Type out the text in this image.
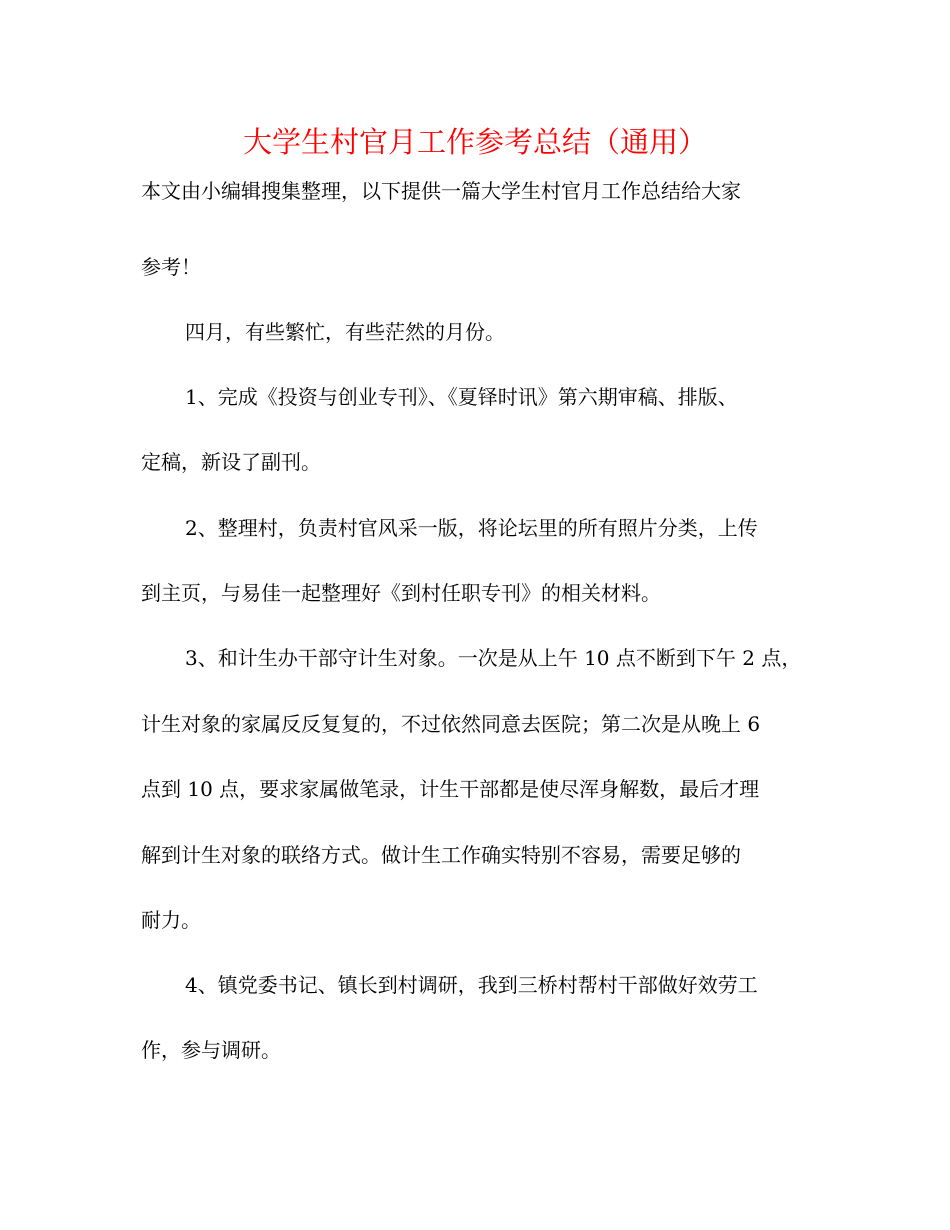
大学生村官月工作参考总结（通用）
本文由小编辑搜集整理，以下提供一篇大学生村官月工作总结给大家
参考！
四月，有些繁忙，有些茫然的月份。
1、完成《投资与创业专刊》、《夏铎时讯》第六期审稿、排版、
定稿，新设了副刊。
2、整理村，负责村官风采一版，将论坛里的所有照片分类，上传
到主页，与易佳一起整理好《到村任职专刊》的相关材料。
3、和计生办干部守计生对象。一次是从上午 10 点不断到下午 2 点，
计生对象的家属反反复复的，不过依然同意去医院；第二次是从晚上 6
点到 10 点，要求家属做笔录，计生干部都是使尽浑身解数，最后才理
解到计生对象的联络方式。做计生工作确实特别不容易，需要足够的
耐力。
4、镇党委书记、镇长到村调研，我到三桥村帮村干部做好效劳工
作，参与调研。
